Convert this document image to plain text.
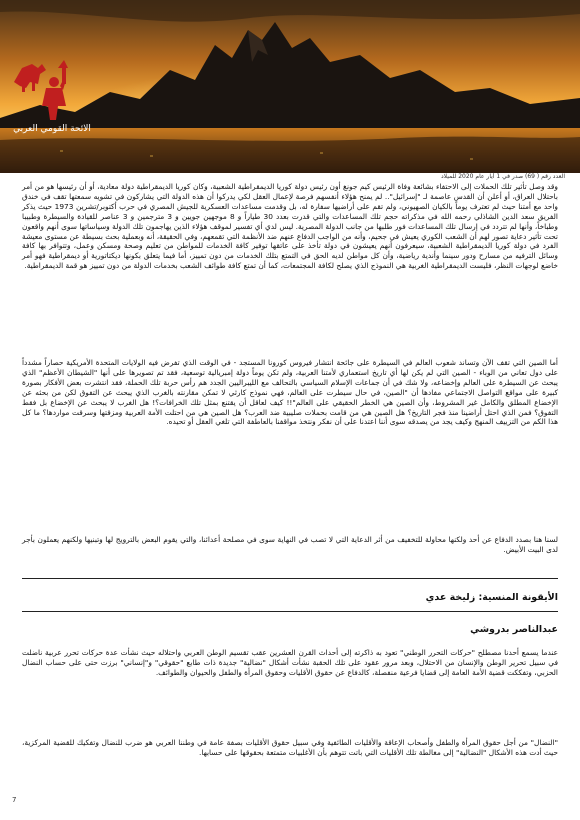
الائحة القومي العربي
العدد رقم ( 69) صدر في 1 أيار عام 2020 للميلاد
وقد وصل تأثير تلك الحملات إلى الاحتفاء بشائعة وفاة الرئيس كيم جونغ أون رئيس دولة كوريا الديمقراطية الشعبية، وكان كوريا الديمقراطية دولة معادية، أو أن رئيسها هو من أمر باحتلال العراق، أو أعلن أن القدس عاصمة لـ "إسرائيل".. لم يمنح هؤلاء أنفسهم فرصة لإعمال العقل لكي يدركوا أن هذه الدولة التي يشاركون في تشويه سمعتها تقف في خندق واحد مع أمتنا حيث لم تعترف يوماً بالكيان الصهيوني، ولم تقم على أراضيها سفارة له، بل وقدمت مساعدات العسكرية للجيش المصري في حرب أكتوبر/تشرين 1973 حيث يذكر الفريق سعد الدين الشاذلي رحمه الله في مذكراته حجم تلك المساعدات والتي قدرت بعدد 30 طياراً و 8 موجهين جويين و 3 مترجمين و 3 عناصر للقيادة والسيطرة وطبيبا وطباخاً، وأنها لم تتردد في إرسال تلك المساعدات فور طلبها من جانب الدولة المصرية. ليس لدي أي تفسير لموقف هؤلاء الذين يهاجمون تلك الدولة وسياساتها سوى أنهم واقعون تحت تأثير دعاية تصور لهم أن الشعب الكوري يعيش في جحيم، وأنه من الواجب الدفاع عنهم ضد الأنظمة التي تقمعهم، وفي الحقيقة، أنه وبعملية بحث بسيطة عن مستوى معيشة الفرد في دولة كوريا الديمقراطية الشعبية، سيعرفون أنهم يعيشون في دولة تأخذ على عاتقها توفير كافة الخدمات للمواطن من تعليم وصحة ومسكن وعمل، وتتوافر بها كافة وسائل الترفيه من مسارح ودور سينما وأندية رياضية، وأن كل مواطن لديه الحق في التمتع بتلك الخدمات من دون تمييز، أما فيما يتعلق بكونها ديكتاتورية أو ديمقراطية فهو أمر خاضع لوجهات النظر، فليست الديمقراطية الغربية هي النموذج الذي يصلح لكافة المجتمعات، كما أن تمتع كافة طوائف الشعب بخدمات الدولة من دون تمييز هو قمة الديمقراطية.
أما الصين التي تقف الآن وتساند شعوب العالم في السيطرة على جائحة انتشار فيروس كورونا المستجد - في الوقت الذي تفرض فيه الولايات المتحدة الأمريكية حصاراً مشدداً على دول تعاني من الوباء - الصين التي لم يكن لها أي تاريخ استعماري لأمتنا العربية، ولم تكن يوماً دولة إمبريالية توسعية، فقد تم تصويرها على أنها "الشيطان الأعظم" الذي يبحث عن السيطرة على العالم وإخضاعه، ولا شك في أن جماعات الإسلام السياسي بالتحالف مع الليبراليين الجدد هم رأس حربة تلك الحملة، فقد انتشرت بعض الأفكار بصورة كبيرة على مواقع التواصل الاجتماعي مفادها أن "الصين، في حال سيطرت على العالم، فهي نموذج كارثي لا تمكن مقارنته بالغرب الذي يبحث عن التفوق لكن من بحثه عن الإخضاع المطلق والكامل غير المشروط، وأن الصين هي الخطر الحقيقي على العالم"!! كيف لعاقل أن يقتنع بمثل تلك الخرافات؟! هل الغرب لا يبحث عن الإخضاع بل فقط التفوق؟ فمن الذي احتل أراضينا منذ فجر التاريخ؟ هل الصين هي من قامت بحملات صليبية ضد العرب؟ هل الصين هي من احتلت الأمة العربية ومزقتها وسرقت مواردها؟ ما كل هذا الكم من التزييف المنهج وكيف يجد من يصدقه سوى أننا اعتدنا على أن نفكر ونتخذ مواقفنا بالعاطفة التي تلغي العقل أو تحيده.
لسنا هنا بصدد الدفاع عن أحد ولكنها محاولة للتخفيف من أثر الدعاية التي لا تصب في النهاية سوى في مصلحة أعدائنا، والتي يقوم البعض بالترويج لها وتبنيها ولكنهم يعملون بأجر لدى البيت الأبيض.
الأيقونة المنسية: زليخة عدي
عبدالناصر بدروشي
عندما يسمع أحدنا مصطلح "حركات التحرر الوطني" تعود به ذاكرته إلى أحداث القرن العشرين عقب تقسيم الوطن العربي واحتلاله حيث نشأت عدة حركات تحرر عربية ناضلت في سبيل تحرير الوطن والإنسان من الاحتلال، وبعد مرور عقود على تلك الحقبة نشأت أشكال "نضالية" جديدة ذات طابع "حقوقي" و"إنساني" برزت حتى على حساب النضال الحزبي، وتفككت قضية الأمة العامة إلى قضايا فرعية منفصلة، كالدفاع عن حقوق الأقليات وحقوق المرأة والطفل والحيوان والطوائف.
"النضال" من أجل حقوق المرأة والطفل وأصحاب الإعاقة والأقليات الطائفية وفي سبيل حقوق الأقليات بصفة عامة في وطننا العربي هو ضرب للنضال وتفكيك للقضية المركزية، حيث أدت هذه الأشكال "النضالية" إلى مغالطة تلك الأقليات التي باتت تتوهم بأن الأغلبيات متمتعة بحقوقها على حسابها.
7
